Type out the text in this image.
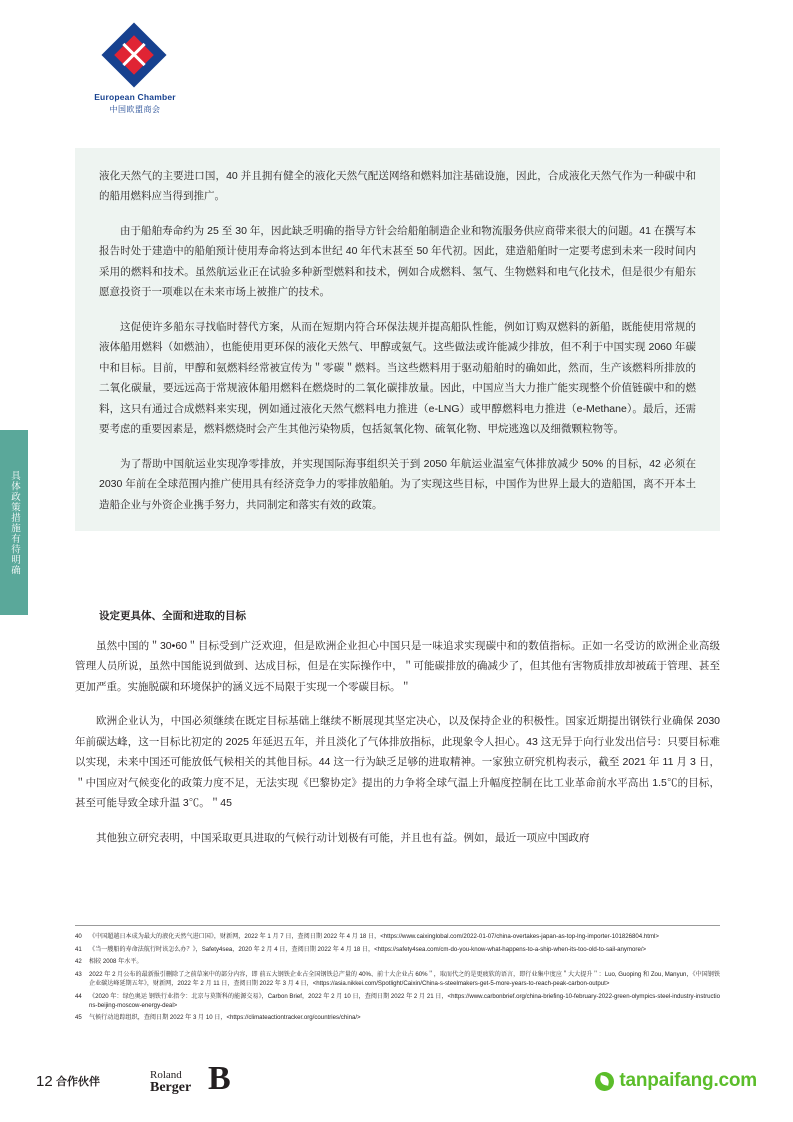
European Chamber
中国欧盟商会
具体政策措施有待明确

液化天然气的主要进口国，40 并且拥有健全的液化天然气配送网络和燃料加注基础设施，因此，合成液化天然气作为一种碳中和的船用燃料应当得到推广。

由于船舶寿命约为 25 至 30 年，因此缺乏明确的指导方针会给船舶制造企业和物流服务供应商带来很大的问题。41 在撰写本报告时处于建造中的船舶预计使用寿命将达到本世纪 40 年代末甚至 50 年代初。因此，建造船舶时一定要考虑到未来一段时间内采用的燃料和技术。虽然航运业正在试验多种新型燃料和技术，例如合成燃料、氢气、生物燃料和电气化技术，但是很少有船东愿意投资于一项难以在未来市场上被推广的技术。

这促使许多船东寻找临时替代方案，从而在短期内符合环保法规并提高船队性能，例如订购双燃料的新船，既能使用常规的液体船用燃料（如燃油），也能使用更环保的液化天然气、甲醇或氨气。这些做法或许能减少排放，但不利于中国实现 2060 年碳中和目标。目前，甲醇和氨燃料经常被宣传为＂零碳＂燃料。当这些燃料用于驱动船舶时的确如此，然而，生产该燃料所排放的二氧化碳量，要远远高于常规液体船用燃料在燃烧时的二氧化碳排放量。因此，中国应当大力推广能实现整个价值链碳中和的燃料，这只有通过合成燃料来实现，例如通过液化天然气燃料电力推进（e-LNG）或甲醇燃料电力推进（e-Methane）。最后，还需要考虑的重要因素是，燃料燃烧时会产生其他污染物质，包括氮氧化物、硫氧化物、甲烷逃逸以及细微颗粒物等。

为了帮助中国航运业实现净零排放，并实现国际海事组织关于到 2050 年航运业温室气体排放减少 50% 的目标，42 必须在 2030 年前在全球范围内推广使用具有经济竞争力的零排放船舶。为了实现这些目标，中国作为世界上最大的造船国，离不开本土造船企业与外资企业携手努力，共同制定和落实有效的政策。

设定更具体、全面和进取的目标

虽然中国的＂30•60＂目标受到广泛欢迎，但是欧洲企业担心中国只是一味追求实现碳中和的数值指标。正如一名受访的欧洲企业高级管理人员所说，虽然中国能说到做到、达成目标，但是在实际操作中，＂可能碳排放的确减少了，但其他有害物质排放却被疏于管理、甚至更加严重。实施脱碳和环境保护的涵义远不局限于实现一个零碳目标。＂

欧洲企业认为，中国必须继续在既定目标基础上继续不断展现其坚定决心，以及保持企业的积极性。国家近期提出钢铁行业确保 2030 年前碳达峰，这一目标比初定的 2025 年延迟五年，并且淡化了气体排放指标，此现象令人担心。43 这无异于向行业发出信号：只要目标难以实现，未来中国还可能放低气候相关的其他目标。44 这一行为缺乏足够的进取精神。一家独立研究机构表示，截至 2021 年 11 月 3 日，＂中国应对气候变化的政策力度不足，无法实现《巴黎协定》提出的力争将全球气温上升幅度控制在比工业革命前水平高出 1.5℃的目标，甚至可能导致全球升温 3℃。＂45

其他独立研究表明，中国采取更具进取的气候行动计划极有可能，并且也有益。例如，最近一项应中国政府

40	《中国超越日本成为最大的液化天然气进口国》，财新网，2022 年 1 月 7 日，查阅日期 2022 年 4 月 18 日，<https://www.caixinglobal.com/2022-01-07/china-overtakes-japan-as-top-lng-importer-101826804.html>
41	《当一艘船的寿命法航行时该怎么办？》，Safety4sea，2020 年 2 月 4 日，查阅日期 2022 年 4 月 18 日，<https://safety4sea.com/cm-do-you-know-what-happens-to-a-ship-when-its-too-old-to-sail-anymore/>
42	相较 2008 年水平。
43	2022 年 2 月公布的最新报引删除了之前草案中的部分内容，即 前五大钢铁企业占全国钢铁总产量的 40%、前十大企业占 60%＂，取而代之的是更疲软的语言，即行业集中度应＂大大提升＂：Luo, Guoping 和 Zou, Manyun，《中国钢铁企业碳达峰延期五年》，财新网，2022 年 2 月 11 日，查阅日期 2022 年 3 月 4 日，<https://asia.nikkei.com/Spotlight/Caixin/China-s-steelmakers-get-5-more-years-to-reach-peak-carbon-output>
44	《2020 年：绿色奥运 钢铁行业指令：北京与莫斯科的能源交易》，Carbon Brief，2022 年 2 月 10 日，查阅日期 2022 年 2 月 21 日，<https://www.carbonbrief.org/china-briefing-10-february-2022-green-olympics-steel-industry-instructions-beijing-moscow-energy-deal>
45	气候行动追踪组织，查阅日期 2022 年 3 月 10 日，<https://climateactiontracker.org/countries/china/>
12 合作伙伴
Roland
Berger B	tanpaifang.com
